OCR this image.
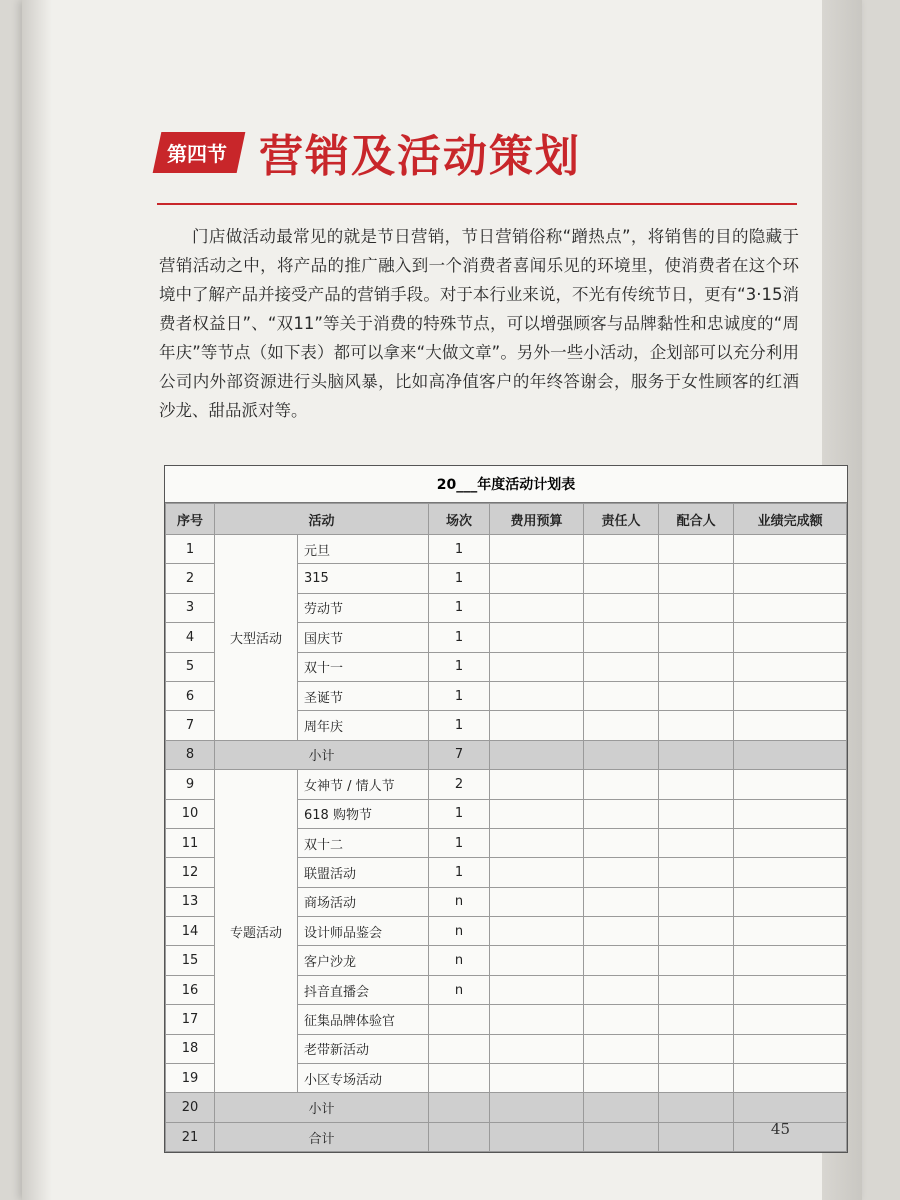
第四节 营销及活动策划
门店做活动最常见的就是节日营销，节日营销俗称“蹭热点”，将销售的目的隐藏于营销活动之中，将产品的推广融入到一个消费者喜闻乐见的环境里，使消费者在这个环境中了解产品并接受产品的营销手段。对于本行业来说，不光有传统节日，更有“3·15消费者权益日”、“双11”等关于消费的特殊节点，可以增强顾客与品牌黏性和忠诚度的“周年庆”等节点（如下表）都可以拿来“大做文章”。另外一些小活动，企划部可以充分利用公司内外部资源进行头脑风暴，比如高净值客户的年终答谢会，服务于女性顾客的红酒沙龙、甜品派对等。
20___年度活动计划表
序号	活动		场次	费用预算	责任人	配合人	业绩完成额
1	大型活动	元旦	1				
2		315	1				
3		劳动节	1				
4		国庆节	1				
5		双十一	1				
6		圣诞节	1				
7		周年庆	1				
8	小计		7				
9	专题活动	女神节 / 情人节	2				
10		618 购物节	1				
11		双十二	1				
12		联盟活动	1				
13		商场活动	n				
14		设计师品鉴会	n				
15		客户沙龙	n				
16		抖音直播会	n				
17		征集品牌体验官					
18		老带新活动					
19		小区专场活动					
20	小计						
21	合计						
45
